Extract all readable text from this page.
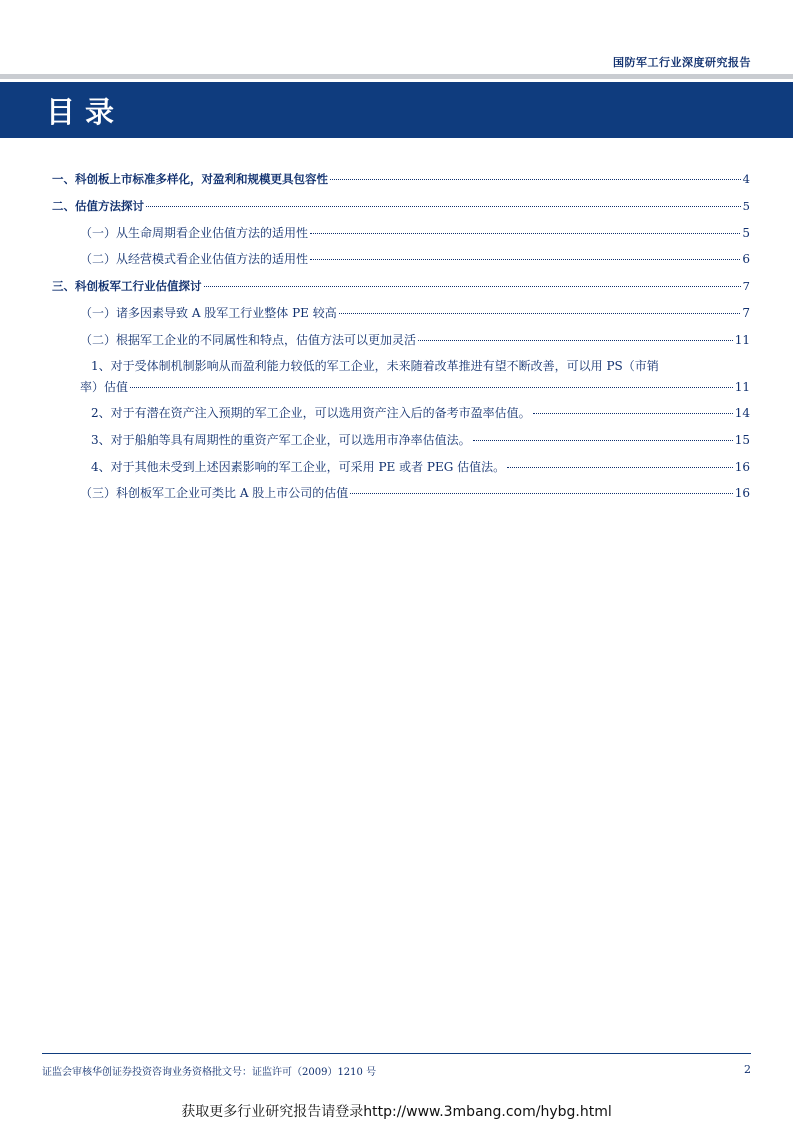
国防军工行业深度研究报告
目录
一、科创板上市标准多样化，对盈利和规模更具包容性	4
二、估值方法探讨	5
（一）从生命周期看企业估值方法的适用性	5
（二）从经营模式看企业估值方法的适用性	6
三、科创板军工行业估值探讨	7
（一）诸多因素导致 A 股军工行业整体 PE 较高	7
（二）根据军工企业的不同属性和特点，估值方法可以更加灵活	11
1、对于受体制机制影响从而盈利能力较低的军工企业，未来随着改革推进有望不断改善，可以用 PS（市销
率）估值	11
2、对于有潜在资产注入预期的军工企业，可以选用资产注入后的备考市盈率估值。	14
3、对于船舶等具有周期性的重资产军工企业，可以选用市净率估值法。	15
4、对于其他未受到上述因素影响的军工企业，可采用 PE 或者 PEG 估值法。	16
（三）科创板军工企业可类比 A 股上市公司的估值	16
证监会审核华创证券投资咨询业务资格批文号：证监许可（2009）1210 号	2
获取更多行业研究报告请登录http://www.3mbang.com/hybg.html
